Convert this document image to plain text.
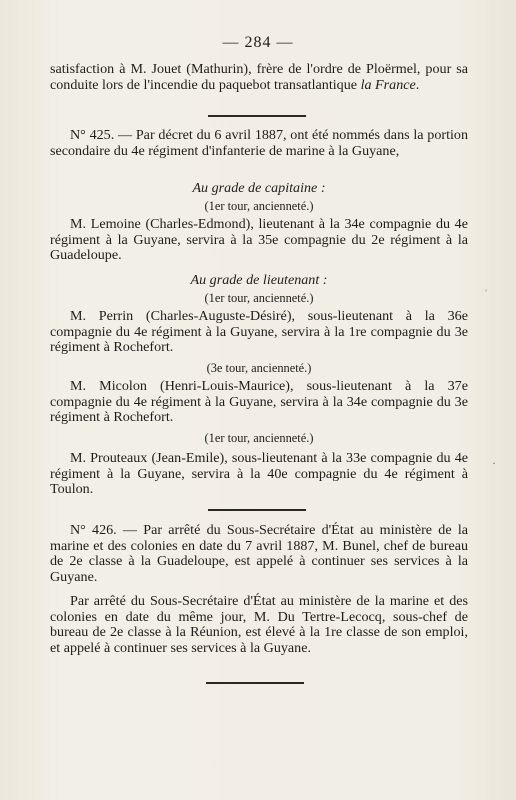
— 284 —

satisfaction à M. Jouet (Mathurin), frère de l'ordre de Ploërmel, pour sa conduite lors de l'incendie du paquebot transatlantique la France.

N° 425. — Par décret du 6 avril 1887, ont été nommés dans la portion secondaire du 4e régiment d'infanterie de marine à la Guyane,

Au grade de capitaine :
(1er tour, ancienneté.)

M. Lemoine (Charles-Edmond), lieutenant à la 34e compagnie du 4e régiment à la Guyane, servira à la 35e compagnie du 2e régiment à la Guadeloupe.

Au grade de lieutenant :
(1er tour, ancienneté.)

M. Perrin (Charles-Auguste-Désiré), sous-lieutenant à la 36e compagnie du 4e régiment à la Guyane, servira à la 1re compagnie du 3e régiment à Rochefort.

(3e tour, ancienneté.)

M. Micolon (Henri-Louis-Maurice), sous-lieutenant à la 37e compagnie du 4e régiment à la Guyane, servira à la 34e compagnie du 3e régiment à Rochefort.

(1er tour, ancienneté.)

M. Prouteaux (Jean-Emile), sous-lieutenant à la 33e compagnie du 4e régiment à la Guyane, servira à la 40e compagnie du 4e régiment à Toulon.

N° 426. — Par arrêté du Sous-Secrétaire d'État au ministère de la marine et des colonies en date du 7 avril 1887, M. Bunel, chef de bureau de 2e classe à la Guadeloupe, est appelé à continuer ses services à la Guyane.

Par arrêté du Sous-Secrétaire d'État au ministère de la marine et des colonies en date du même jour, M. Du Tertre-Lecocq, sous-chef de bureau de 2e classe à la Réunion, est élevé à la 1re classe de son emploi, et appelé à continuer ses services à la Guyane.

ˌ
·
